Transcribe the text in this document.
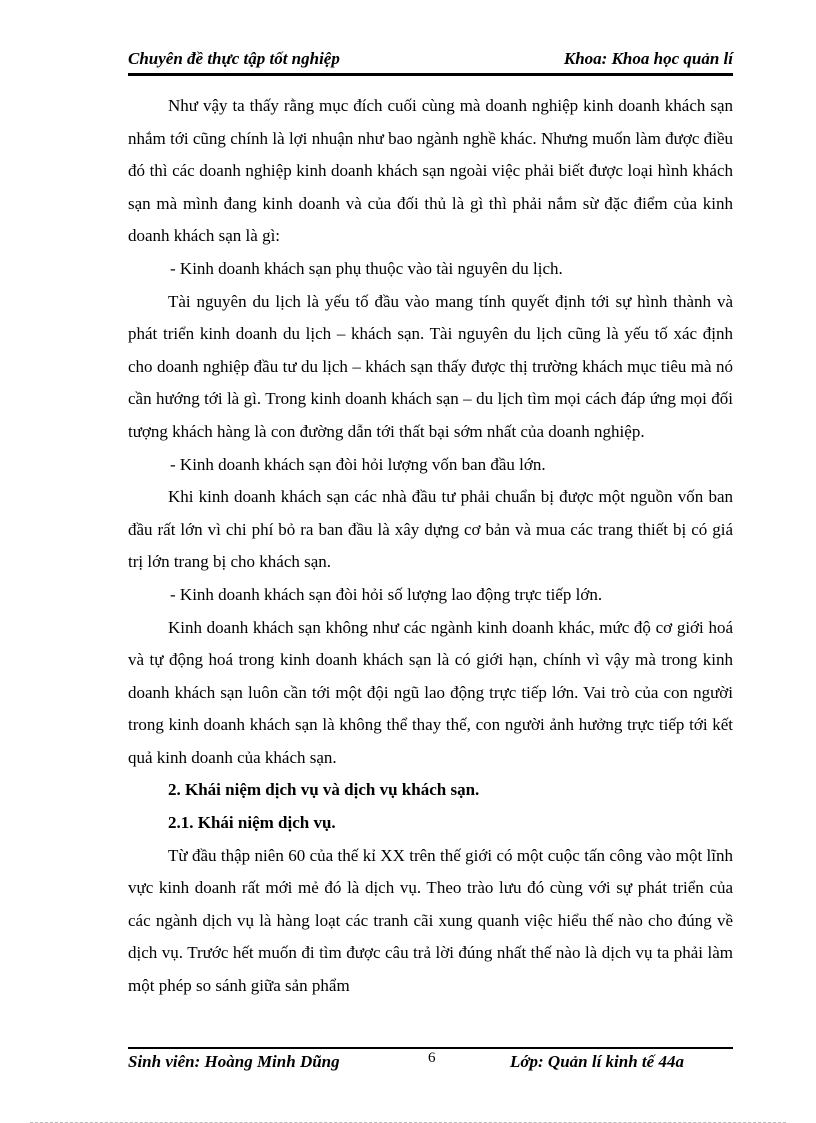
Chuyên đề thực tập tốt nghiệp	Khoa: Khoa học quản lí

Như vậy ta thấy rằng mục đích cuối cùng mà doanh nghiệp kinh doanh khách sạn nhắm tới cũng chính là lợi nhuận như bao ngành nghề khác. Nhưng muốn làm được điều đó thì các doanh nghiệp kinh doanh khách sạn ngoài việc phải biết được loại hình khách sạn mà mình đang kinh doanh và của đối thủ là gì thì phải nắm sừ đặc điểm của kinh doanh khách sạn là gì:

- Kinh doanh khách sạn phụ thuộc vào tài nguyên du lịch.

Tài nguyên du lịch là yếu tố đầu vào mang tính quyết định tới sự hình thành và phát triển kinh doanh du lịch – khách sạn. Tài nguyên du lịch cũng là yếu tố xác định cho doanh nghiệp đầu tư du lịch – khách sạn thấy được thị trường khách mục tiêu mà nó cần hướng tới là gì. Trong kinh doanh khách sạn – du lịch tìm mọi cách đáp ứng mọi đối tượng khách hàng là con đường dẫn tới thất bại sớm nhất của doanh nghiệp.

- Kinh doanh khách sạn đòi hỏi lượng vốn ban đầu lớn.

Khi kinh doanh khách sạn các nhà đầu tư phải chuẩn bị được một nguồn vốn ban đầu rất lớn vì chi phí bỏ ra ban đầu là xây dựng cơ bản và mua các trang thiết bị có giá trị lớn trang bị cho khách sạn.

- Kinh doanh khách sạn đòi hỏi số lượng lao động trực tiếp lớn.

Kinh doanh khách sạn không như các ngành kinh doanh khác, mức độ cơ giới hoá và tự động hoá trong kinh doanh khách sạn là có giới hạn, chính vì vậy mà trong kinh doanh khách sạn luôn cần tới một đội ngũ lao động trực tiếp lớn. Vai trò của con người trong kinh doanh khách sạn là không thể thay thế, con người ảnh hưởng trực tiếp tới kết quả kinh doanh của khách sạn.

2. Khái niệm dịch vụ và dịch vụ khách sạn.

2.1. Khái niệm dịch vụ.

Từ đầu thập niên 60 của thế kỉ XX trên thế giới có một cuộc tấn công vào một lĩnh vực kinh doanh rất mới mẻ đó là dịch vụ. Theo trào lưu đó cùng với sự phát triển của các ngành dịch vụ là hàng loạt các tranh cãi xung quanh việc hiểu thế nào cho đúng về dịch vụ. Trước hết muốn đi tìm được câu trả lời đúng nhất thế nào là dịch vụ ta phải làm một phép so sánh giữa sản phẩm

Sinh viên: Hoàng Minh Dũng	6	Lớp: Quản lí kinh tế 44a
